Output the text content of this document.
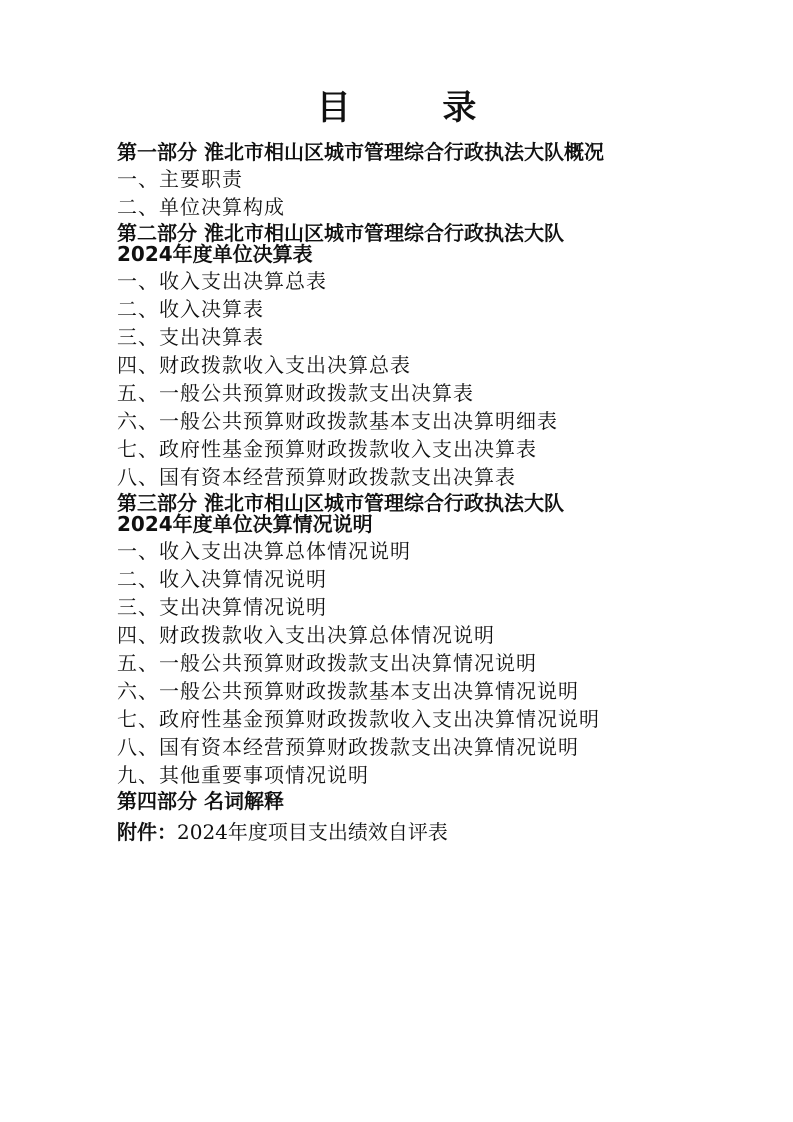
目 录
第一部分 淮北市相山区城市管理综合行政执法大队概况
一、主要职责
二、单位决算构成
第二部分 淮北市相山区城市管理综合行政执法大队
2024年度单位决算表
一、收入支出决算总表
二、收入决算表
三、支出决算表
四、财政拨款收入支出决算总表
五、一般公共预算财政拨款支出决算表
六、一般公共预算财政拨款基本支出决算明细表
七、政府性基金预算财政拨款收入支出决算表
八、国有资本经营预算财政拨款支出决算表
第三部分 淮北市相山区城市管理综合行政执法大队
2024年度单位决算情况说明
一、收入支出决算总体情况说明
二、收入决算情况说明
三、支出决算情况说明
四、财政拨款收入支出决算总体情况说明
五、一般公共预算财政拨款支出决算情况说明
六、一般公共预算财政拨款基本支出决算情况说明
七、政府性基金预算财政拨款收入支出决算情况说明
八、国有资本经营预算财政拨款支出决算情况说明
九、其他重要事项情况说明
第四部分 名词解释
附件：2024年度项目支出绩效自评表
